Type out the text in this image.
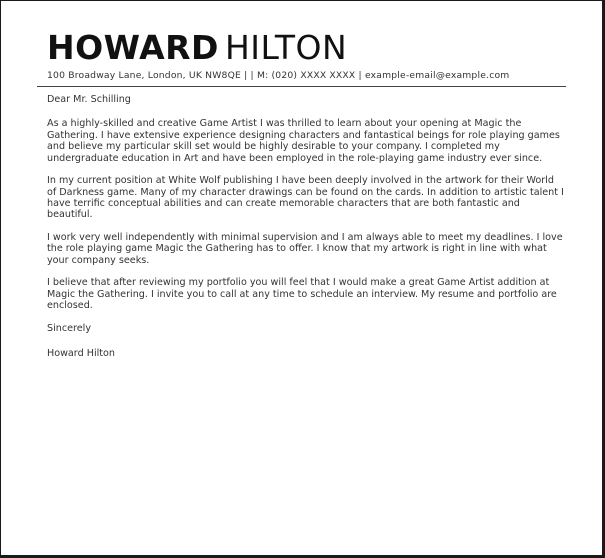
HOWARD HILTON
100 Broadway Lane, London, UK NW8QE | | M: (020) XXXX XXXX | example-email@example.com

Dear Mr. Schilling

As a highly-skilled and creative Game Artist I was thrilled to learn about your opening at Magic the Gathering. I have extensive experience designing characters and fantastical beings for role playing games and believe my particular skill set would be highly desirable to your company. I completed my undergraduate education in Art and have been employed in the role-playing game industry ever since.

In my current position at White Wolf publishing I have been deeply involved in the artwork for their World of Darkness game. Many of my character drawings can be found on the cards. In addition to artistic talent I have terrific conceptual abilities and can create memorable characters that are both fantastic and beautiful.

I work very well independently with minimal supervision and I am always able to meet my deadlines. I love the role playing game Magic the Gathering has to offer. I know that my artwork is right in line with what your company seeks.

I believe that after reviewing my portfolio you will feel that I would make a great Game Artist addition at Magic the Gathering. I invite you to call at any time to schedule an interview. My resume and portfolio are enclosed.

Sincerely

Howard Hilton
